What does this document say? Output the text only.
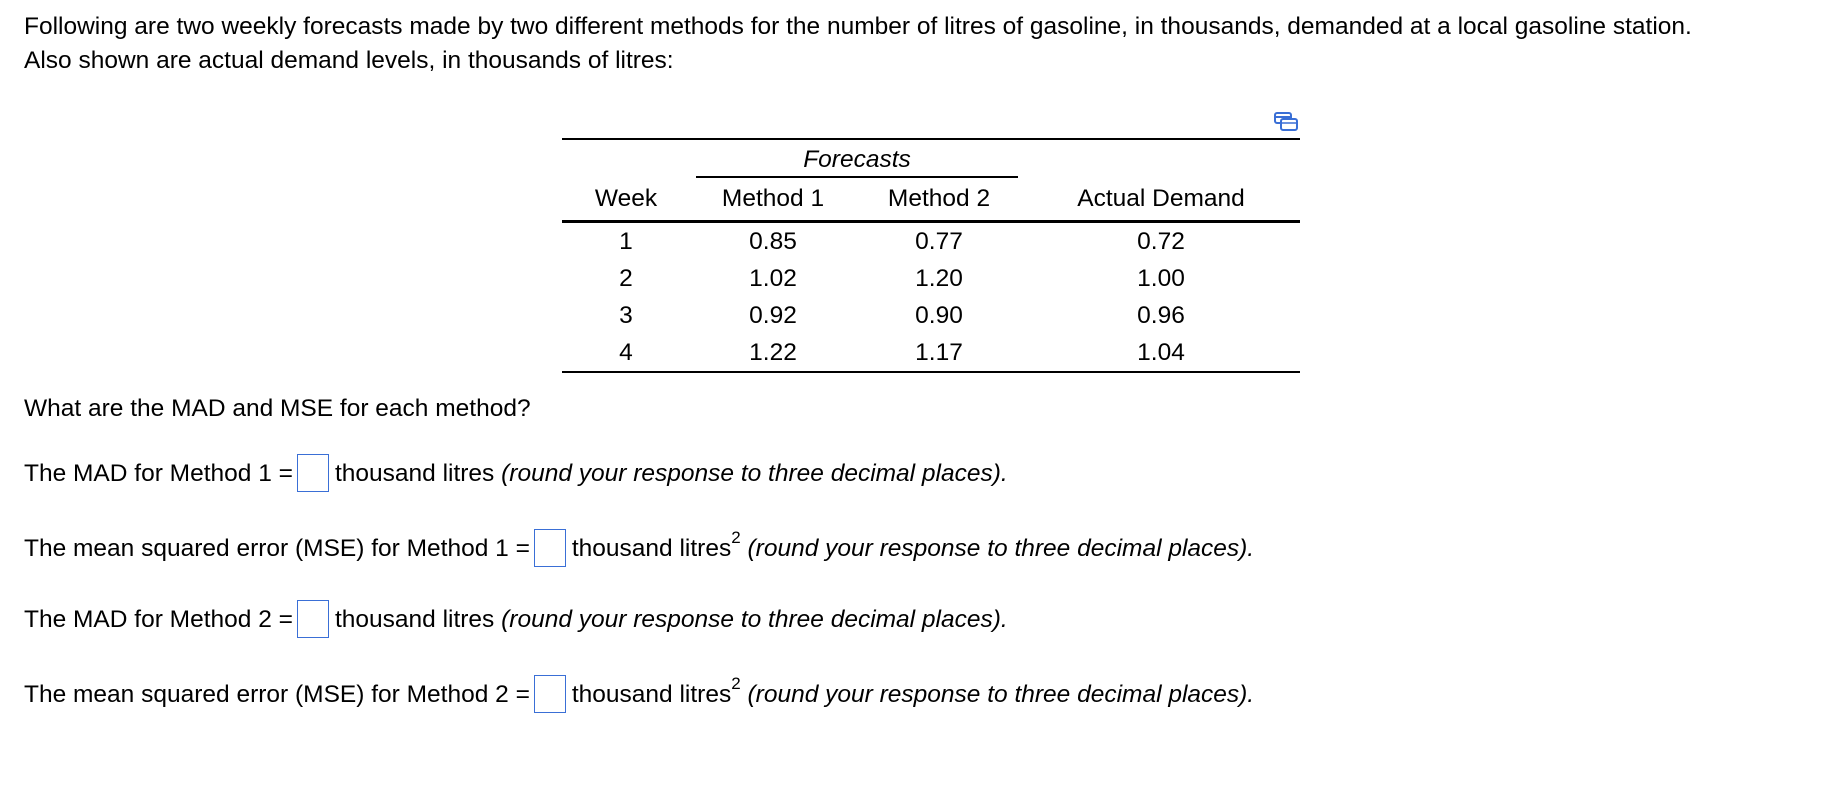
Following are two weekly forecasts made by two different methods for the number of litres of gasoline, in thousands, demanded at a local gasoline station.

Also shown are actual demand levels, in thousands of litres:

	Forecasts		

Week	Method 1	Method 2	Actual Demand
1	0.85	0.77	0.72
2	1.02	1.20	1.00
3	0.92	0.90	0.96
4	1.22	1.17	1.04
What are the MAD and MSE for each method?
The MAD for Method 1 = thousand litres (round your response to three decimal places).
The mean squared error (MSE) for Method 1 = thousand litres$^2$ (round your response to three decimal places).
The MAD for Method 2 = thousand litres (round your response to three decimal places).
The mean squared error (MSE) for Method 2 = thousand litres$^2$ (round your response to three decimal places).
